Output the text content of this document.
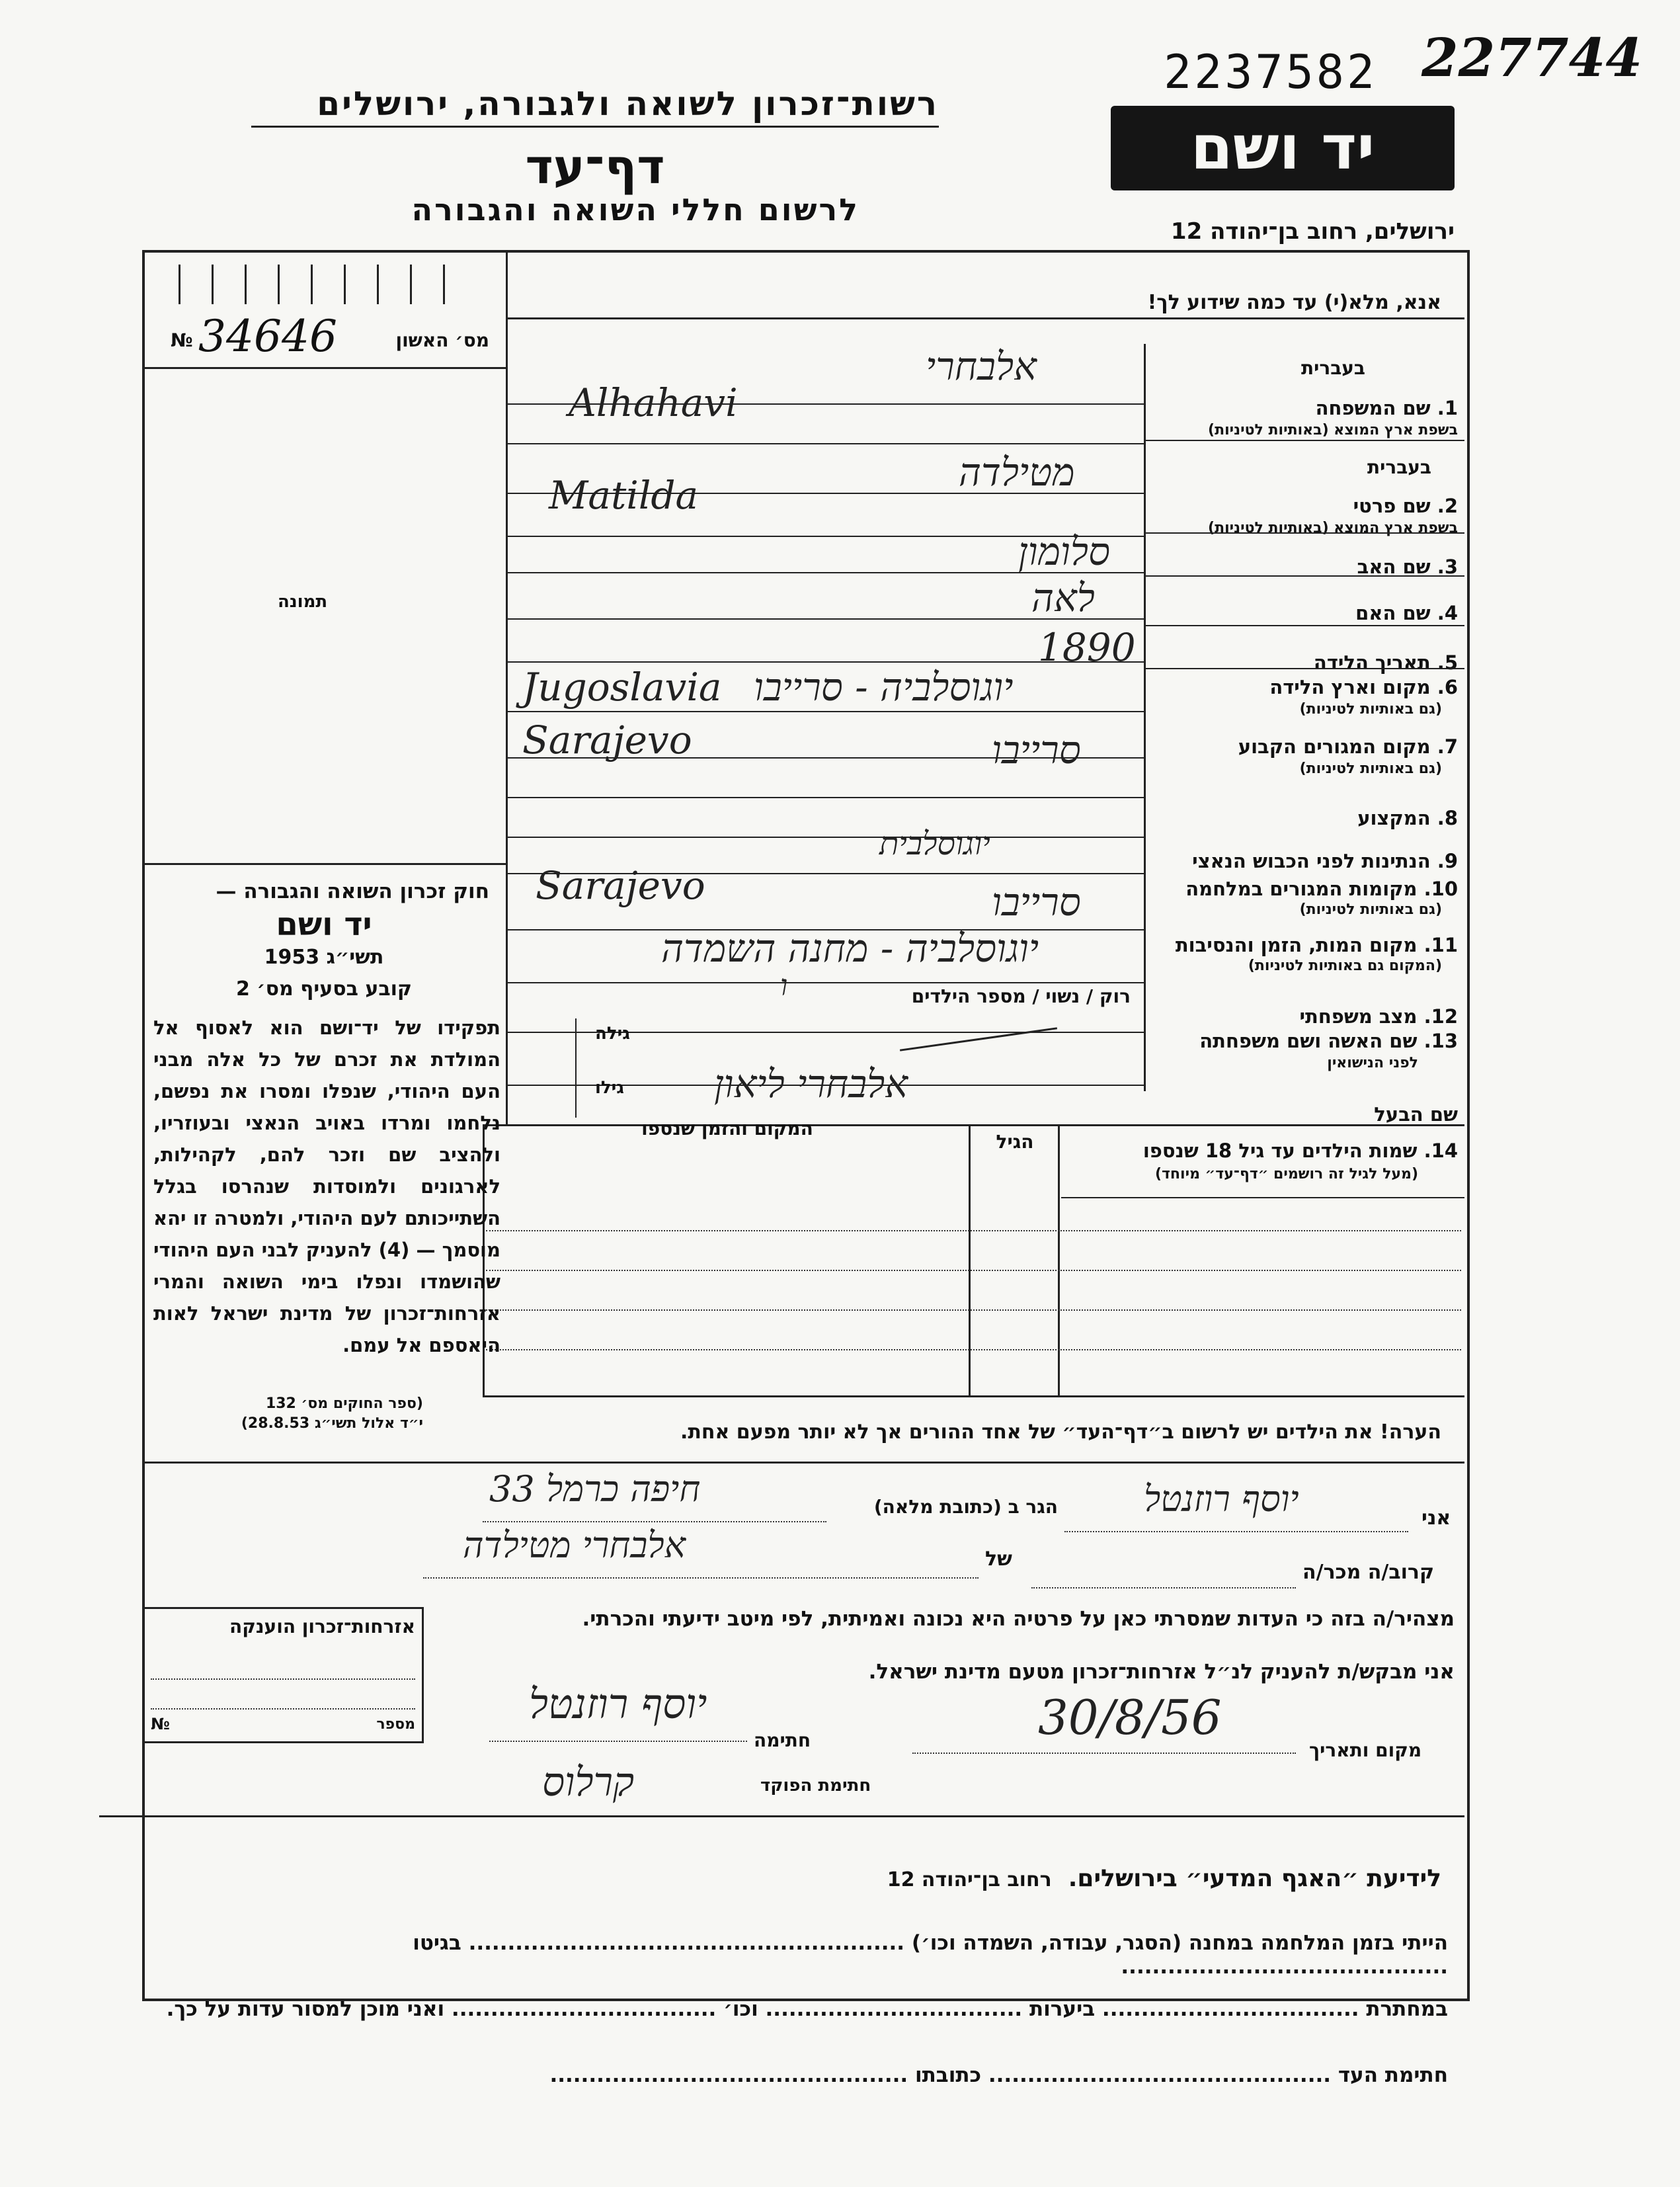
רשות־זכרון לשואה ולגבורה, ירושלים
דף־עד
לרשום חללי השואה והגבורה
2237582 227744
יד ושם
ירושלים, רחוב בן־יהודה 12
מס׳ האשון
№ 34646
תמונה
אנא, מלא(י) עד כמה שידוע לך!
בעברית
1. שם המשפחה
בשפת ארץ המוצא (באותיות לטיניות)
בעברית
2. שם פרטי
בשפת ארץ המוצא (באותיות לטיניות)
3. שם האב
4. שם האם
5. תאריך הלידה
6. מקום וארץ הלידה
(גם באותיות לטיניות)
7. מקום המגורים הקבוע
(גם באותיות לטיניות)
8. המקצוע
9. הנתינות לפני הכבוש הנאצי
10. מקומות המגורים במלחמה
(גם באותיות לטיניות)
11. מקום המות, הזמן והנסיבות
(המקום גם באותיות לטיניות)
12. מצב משפחתי
13. שם האשה ושם משפחתה
לפני הנישואין
שם הבעל
אלבחרי
Alhahavi
מטילדה
Matilda
סלומון
לאה
1890
Jugoslavia יוגוסלביה - סרייבו
Sarajevo	סרייבו
יוגוסלבית
Sarajevo	סרייבו
יוגוסלביה - מחנה השמדה
ו
אלבחרי ליאון
רוק / נשוי / מספר הילדים
גילה
גילו
14. שמות הילדים עד גיל 18 שנספו
(מעל לגיל זה רושמים ״דף־עד״ מיוחד)
הגיל
המקום והזמן שנספו
הערה! את הילדים יש לרשום ב״דף־העד״ של אחד ההורים אך לא יותר מפעם אחת.
חוק זכרון השואה והגבורה —
יד ושם
תשי״ג 1953
קובע בסעיף מס׳ 2
תפקידו של יד־ושם הוא לאסוף אל המולדת את זכרם של כל אלה מבני העם היהודי, שנפלו ומסרו את נפשם, נלחמו ומרדו באויב הנאצי ובעוזריו, ולהציב שם וזכר להם, לקהילות, לארגונים ולמוסדות שנהרסו בגלל השתייכותם לעם היהודי, ולמטרה זו יהא מוסמך — (4) להעניק לבני העם היהודי שהושמדו ונפלו בימי השואה והמרי אזרחות־זכרון של מדינת ישראל לאות היאספם אל עמם.
(ספר החוקים מס׳ 132
י״ד אלול תשי״ג 28.8.53)
אני
יוסף רוזנטל
הגר ב (כתובת מלאה)
חיפה כרמל 33
קרוב/ה מכר/ה
של
אלבחרי מטילדה
מצהיר/ה בזה כי העדות שמסרתי כאן על פרטיה היא נכונה ואמיתית, לפי מיטב ידיעתי והכרתי.
אני מבקש/ת להעניק לנ״ל אזרחות־זכרון מטעם מדינת ישראל.
מקום ותאריך
30/8/56
חתימה
יוסף רוזנטל
חתימת הפוקד
קרלוס
אזרחות־זכרון הוענקה
מספר
№
לידיעת ״האגף המדעי״ בירושלים.  רחוב בן־יהודה 12
הייתי בזמן המלחמה במחנה (הסגר, עבודה, השמדה וכו׳) ........................................................ בגיטו ..........................................
במחתרת ................................. ביערות ................................. וכו׳ .................................. ואני מוכן למסור עדות על כך.
חתימת העד ............................................ כתובתו ..............................................
